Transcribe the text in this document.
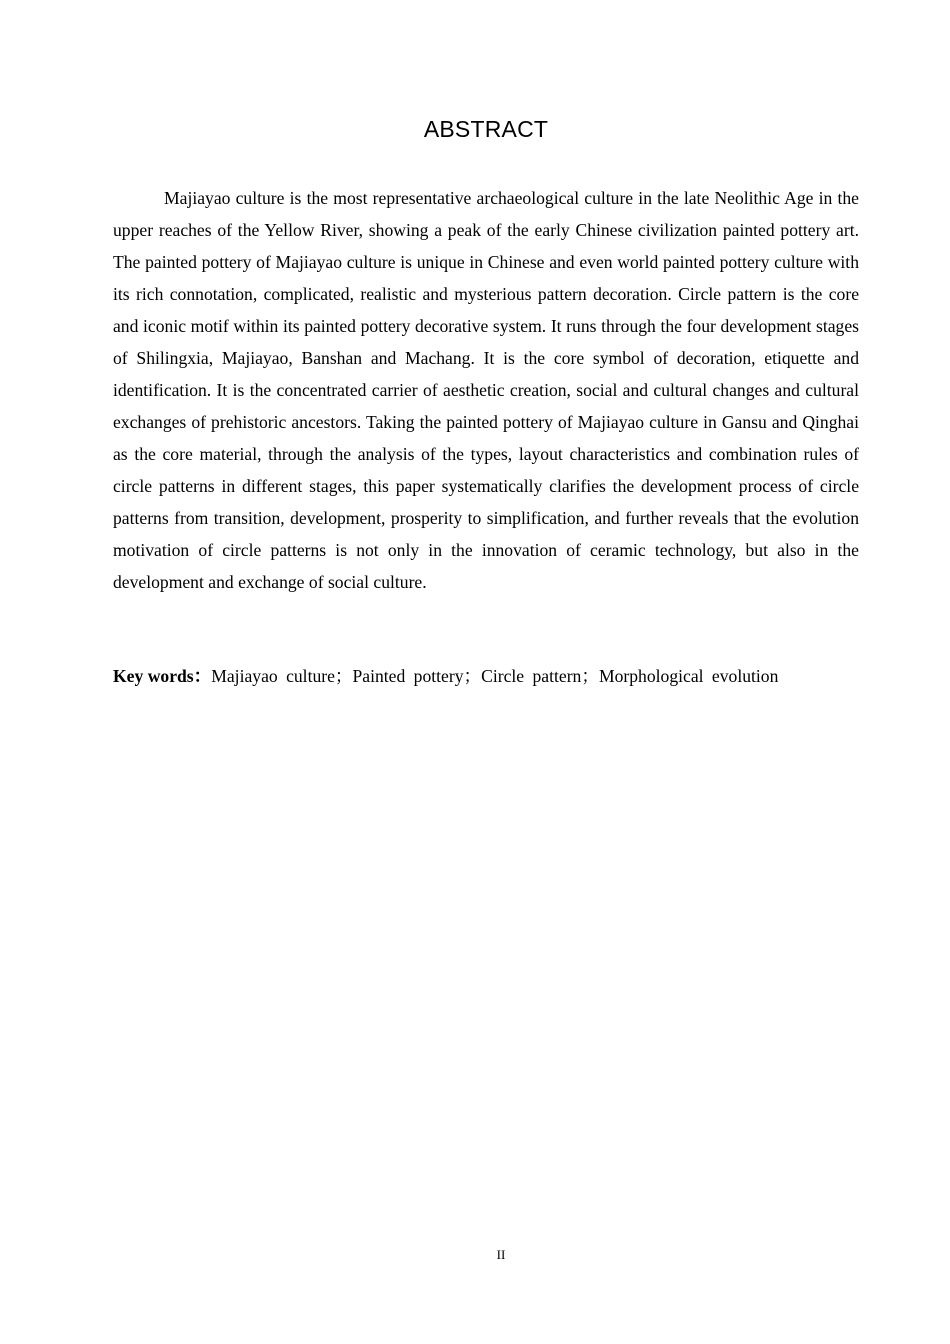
ABSTRACT

Majiayao culture is the most representative archaeological culture in the late Neolithic Age in the upper reaches of the Yellow River, showing a peak of the early Chinese civilization painted pottery art. The painted pottery of Majiayao culture is unique in Chinese and even world painted pottery culture with its rich connotation, complicated, realistic and mysterious pattern decoration. Circle pattern is the core and iconic motif within its painted pottery decorative system. It runs through the four development stages of Shilingxia, Majiayao, Banshan and Machang. It is the core symbol of decoration, etiquette and identification. It is the concentrated carrier of aesthetic creation, social and cultural changes and cultural exchanges of prehistoric ancestors. Taking the painted pottery of Majiayao culture in Gansu and Qinghai as the core material, through the analysis of the types, layout characteristics and combination rules of circle patterns in different stages, this paper systematically clarifies the development process of circle patterns from transition, development, prosperity to simplification, and further reveals that the evolution motivation of circle patterns is not only in the innovation of ceramic technology, but also in the development and exchange of social culture.

Key words：Majiayao culture；Painted pottery；Circle pattern；Morphological evolution

II
